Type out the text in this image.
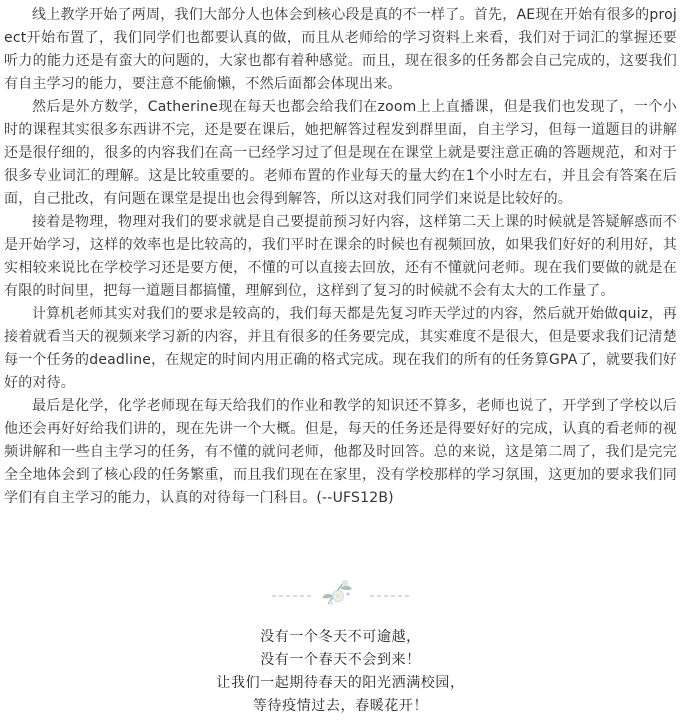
线上教学开始了两周，我们大部分人也体会到核心段是真的不一样了。首先，AE现在开始有很多的project开始布置了，我们同学们也都要认真的做，而且从老师给的学习资料上来看，我们对于词汇的掌握还要听力的能力还是有蛮大的问题的，大家也都有着种感觉。而且，现在很多的任务都会自己完成的，这要我们有自主学习的能力，要注意不能偷懒，不然后面都会体现出来。

然后是外方数学，Catherine现在每天也都会给我们在zoom上上直播课，但是我们也发现了，一个小时的课程其实很多东西讲不完，还是要在课后，她把解答过程发到群里面，自主学习，但每一道题目的讲解还是很仔细的，很多的内容我们在高一已经学习过了但是现在在课堂上就是要注意正确的答题规范，和对于很多专业词汇的理解。这是比较重要的。老师布置的作业每天的量大约在1个小时左右，并且会有答案在后面，自己批改，有问题在课堂是提出也会得到解答，所以这对我们同学们来说是比较好的。

接着是物理，物理对我们的要求就是自己要提前预习好内容，这样第二天上课的时候就是答疑解惑而不是开始学习，这样的效率也是比较高的，我们平时在课余的时候也有视频回放，如果我们好好的利用好，其实相较来说比在学校学习还是要方便，不懂的可以直接去回放，还有不懂就问老师。现在我们要做的就是在有限的时间里，把每一道题目都搞懂，理解到位，这样到了复习的时候就不会有太大的工作量了。

计算机老师其实对我们的要求是较高的，我们每天都是先复习昨天学过的内容，然后就开始做quiz，再接着就看当天的视频来学习新的内容，并且有很多的任务要完成，其实难度不是很大，但是要求我们记清楚每一个任务的deadline，在规定的时间内用正确的格式完成。现在我们的所有的任务算GPA了，就要我们好好的对待。

最后是化学，化学老师现在每天给我们的作业和教学的知识还不算多，老师也说了，开学到了学校以后他还会再好好给我们讲的，现在先讲一个大概。但是，每天的任务还是得要好好的完成，认真的看老师的视频讲解和一些自主学习的任务，有不懂的就问老师，他都及时回答。总的来说，这是第二周了，我们是完完全全地体会到了核心段的任务繁重，而且我们现在在家里，没有学校那样的学习氛围，这更加的要求我们同学们有自主学习的能力，认真的对待每一门科目。(--UFS12B)

没有一个冬天不可逾越，
没有一个春天不会到来！
让我们一起期待春天的阳光洒满校园，
等待疫情过去，春暖花开！
